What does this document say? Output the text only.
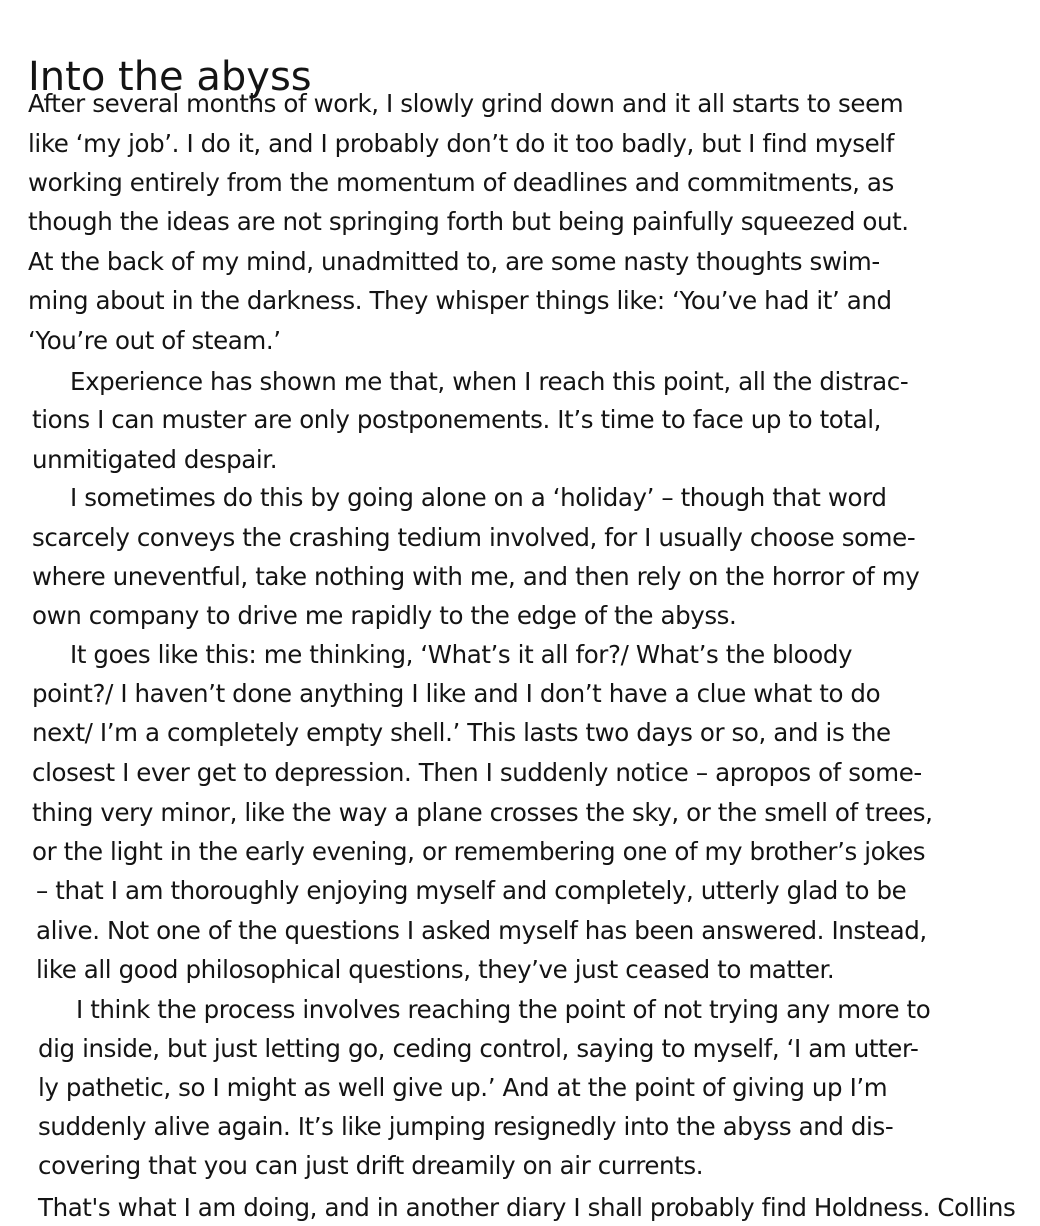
Into the abyss
After several months of work, I slowly grind down and it all starts to seem
like ‘my job’. I do it, and I probably don’t do it too badly, but I find myself
working entirely from the momentum of deadlines and commitments, as
though the ideas are not springing forth but being painfully squeezed out.
At the back of my mind, unadmitted to, are some nasty thoughts swim-
ming about in the darkness. They whisper things like: ‘You’ve had it’ and
‘You’re out of steam.’
Experience has shown me that, when I reach this point, all the distrac-
tions I can muster are only postponements. It’s time to face up to total,
unmitigated despair.
I sometimes do this by going alone on a ‘holiday’ – though that word
scarcely conveys the crashing tedium involved, for I usually choose some-
where uneventful, take nothing with me, and then rely on the horror of my
own company to drive me rapidly to the edge of the abyss.
It goes like this: me thinking, ‘What’s it all for?/ What’s the bloody
point?/ I haven’t done anything I like and I don’t have a clue what to do
next/ I’m a completely empty shell.’ This lasts two days or so, and is the
closest I ever get to depression. Then I suddenly notice – apropos of some-
thing very minor, like the way a plane crosses the sky, or the smell of trees,
or the light in the early evening, or remembering one of my brother’s jokes
– that I am thoroughly enjoying myself and completely, utterly glad to be
alive. Not one of the questions I asked myself has been answered. Instead,
like all good philosophical questions, they’ve just ceased to matter.
I think the process involves reaching the point of not trying any more to
dig inside, but just letting go, ceding control, saying to myself, ‘I am utter-
ly pathetic, so I might as well give up.’ And at the point of giving up I’m
suddenly alive again. It’s like jumping resignedly into the abyss and dis-
covering that you can just drift dreamily on air currents.
That's what I am doing, and in another diary I shall probably find Holdness. Collins
